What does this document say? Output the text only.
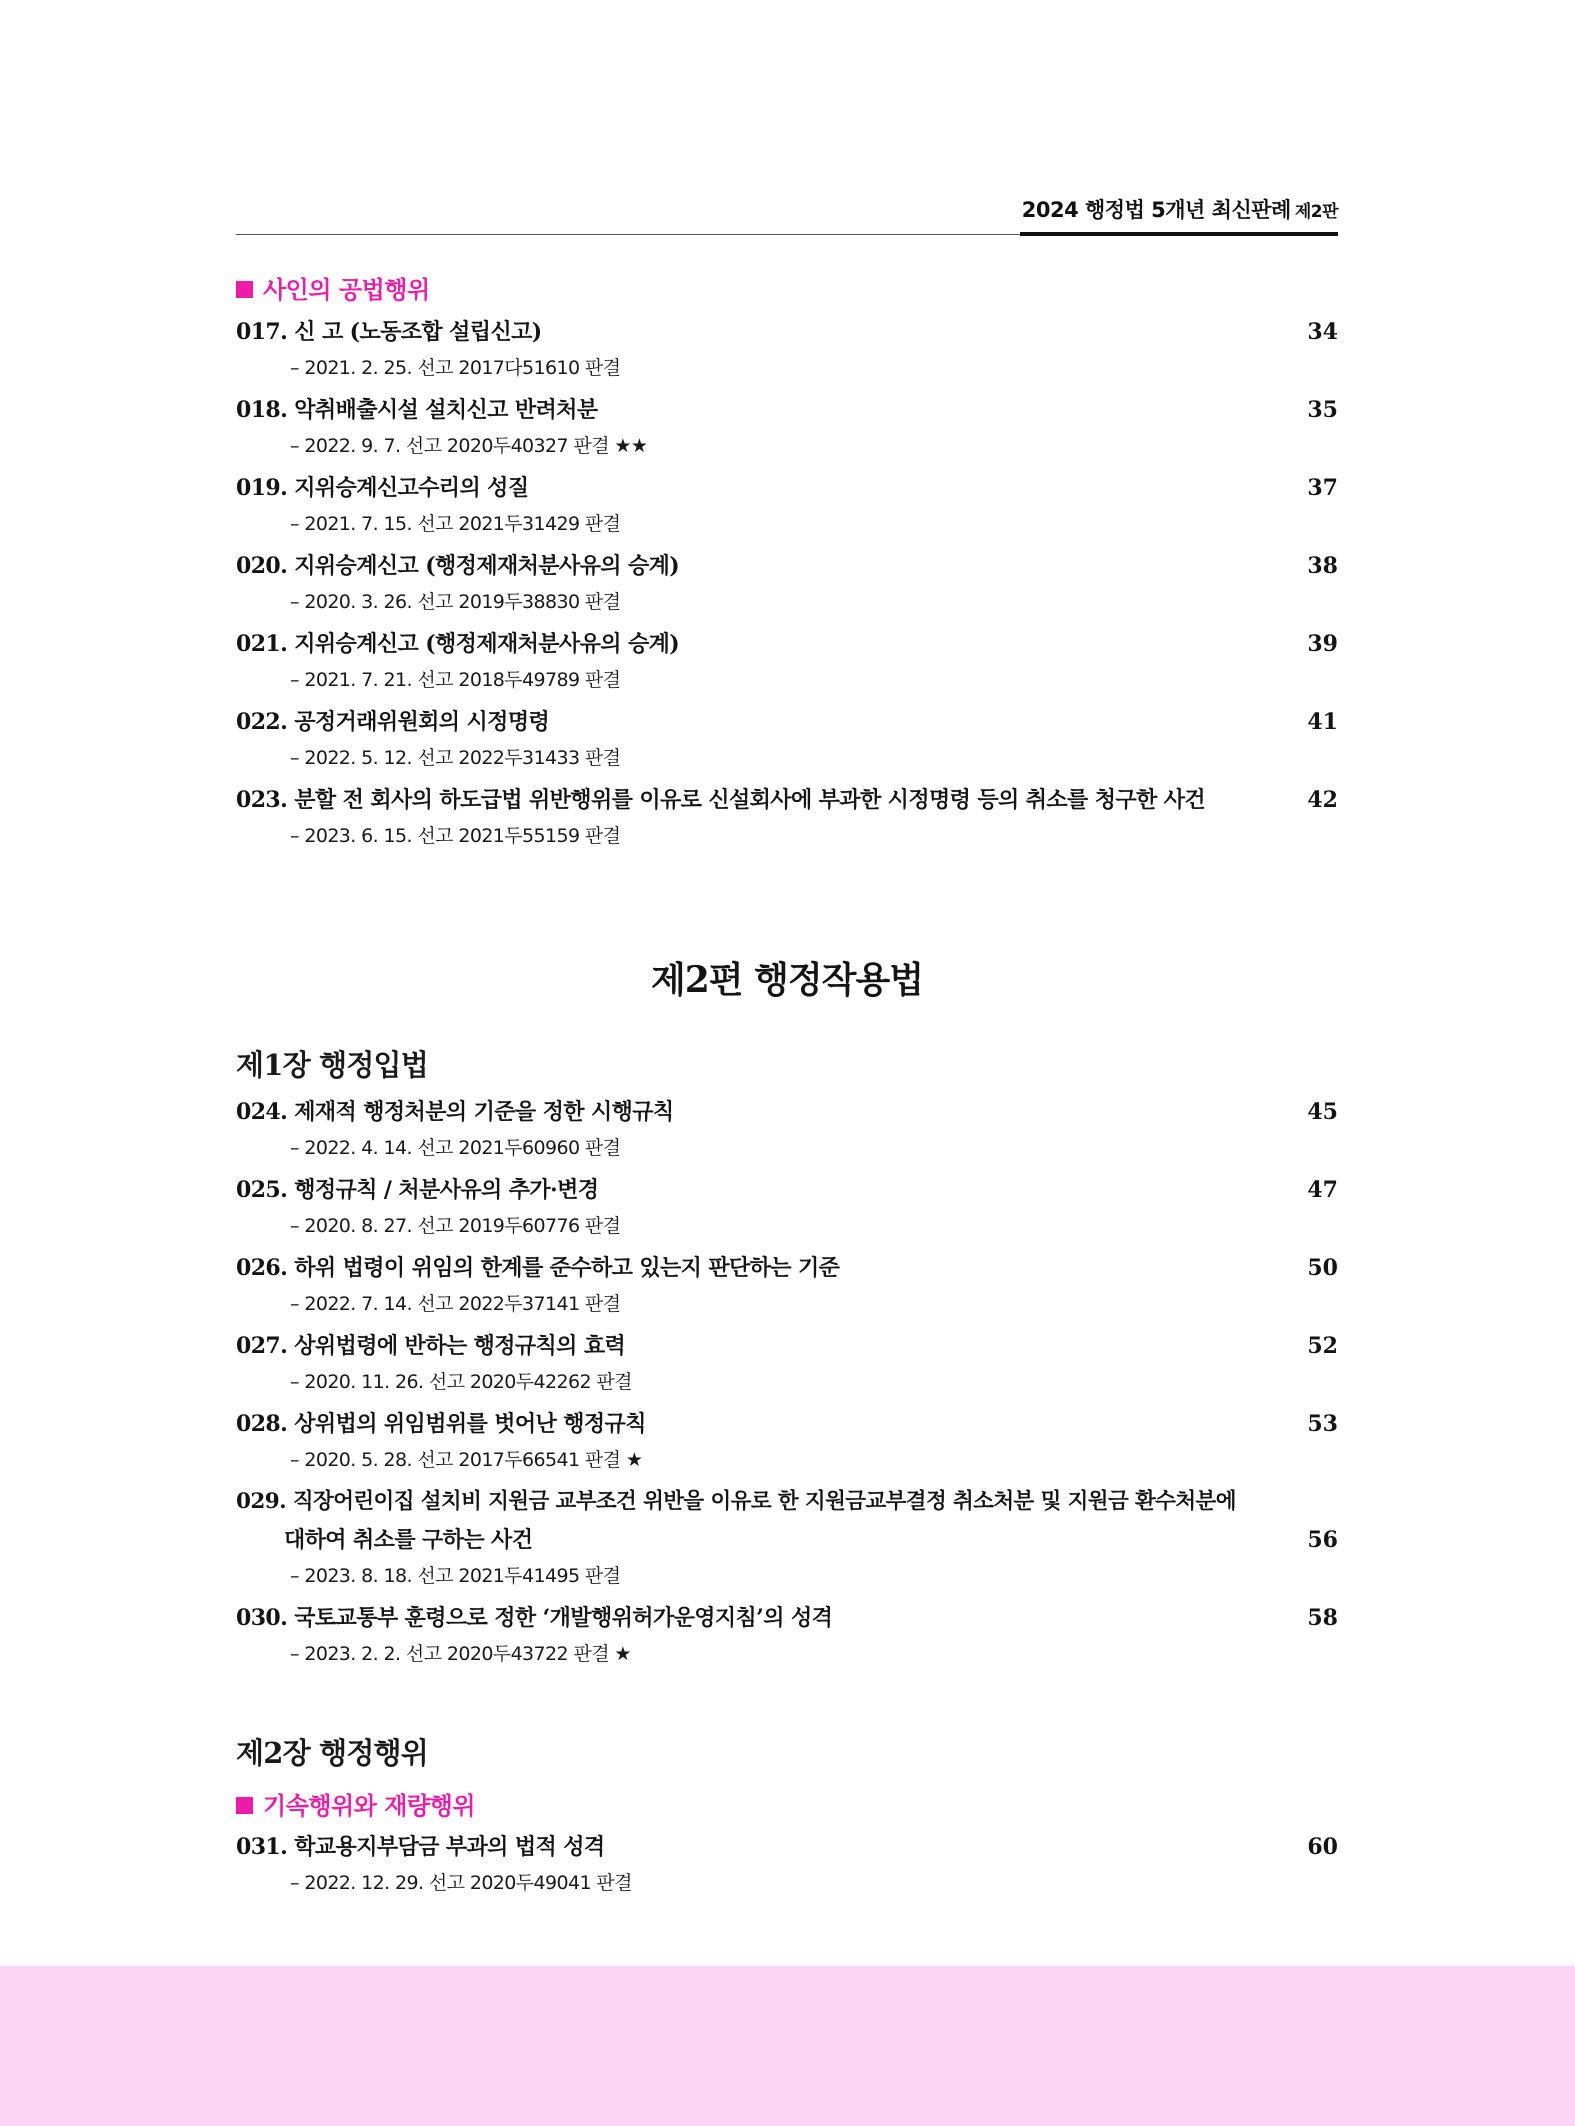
2024 행정법 5개년 최신판례 제2판
사인의 공법행위
017. 신 고 (노동조합 설립신고)
– 2021. 2. 25. 선고 2017다51610 판결
34
018. 악취배출시설 설치신고 반려처분
– 2022. 9. 7. 선고 2020두40327 판결 ★★
35
019. 지위승계신고수리의 성질
– 2021. 7. 15. 선고 2021두31429 판결
37
020. 지위승계신고 (행정제재처분사유의 승계)
– 2020. 3. 26. 선고 2019두38830 판결
38
021. 지위승계신고 (행정제재처분사유의 승계)
– 2021. 7. 21. 선고 2018두49789 판결
39
022. 공정거래위원회의 시정명령
– 2022. 5. 12. 선고 2022두31433 판결
41
023. 분할 전 회사의 하도급법 위반행위를 이유로 신설회사에 부과한 시정명령 등의 취소를 청구한 사건
– 2023. 6. 15. 선고 2021두55159 판결
42
제2편 행정작용법
제1장 행정입법
024. 제재적 행정처분의 기준을 정한 시행규칙
– 2022. 4. 14. 선고 2021두60960 판결
45
025. 행정규칙 / 처분사유의 추가·변경
– 2020. 8. 27. 선고 2019두60776 판결
47
026. 하위 법령이 위임의 한계를 준수하고 있는지 판단하는 기준
– 2022. 7. 14. 선고 2022두37141 판결
50
027. 상위법령에 반하는 행정규칙의 효력
– 2020. 11. 26. 선고 2020두42262 판결
52
028. 상위법의 위임범위를 벗어난 행정규칙
– 2020. 5. 28. 선고 2017두66541 판결 ★
53
029. 직장어린이집 설치비 지원금 교부조건 위반을 이유로 한 지원금교부결정 취소처분 및 지원금 환수처분에
대하여 취소를 구하는 사건
– 2023. 8. 18. 선고 2021두41495 판결
56
030. 국토교통부 훈령으로 정한 ‘개발행위허가운영지침’의 성격
– 2023. 2. 2. 선고 2020두43722 판결 ★
58
제2장 행정행위
기속행위와 재량행위
031. 학교용지부담금 부과의 법적 성격
– 2022. 12. 29. 선고 2020두49041 판결
60
